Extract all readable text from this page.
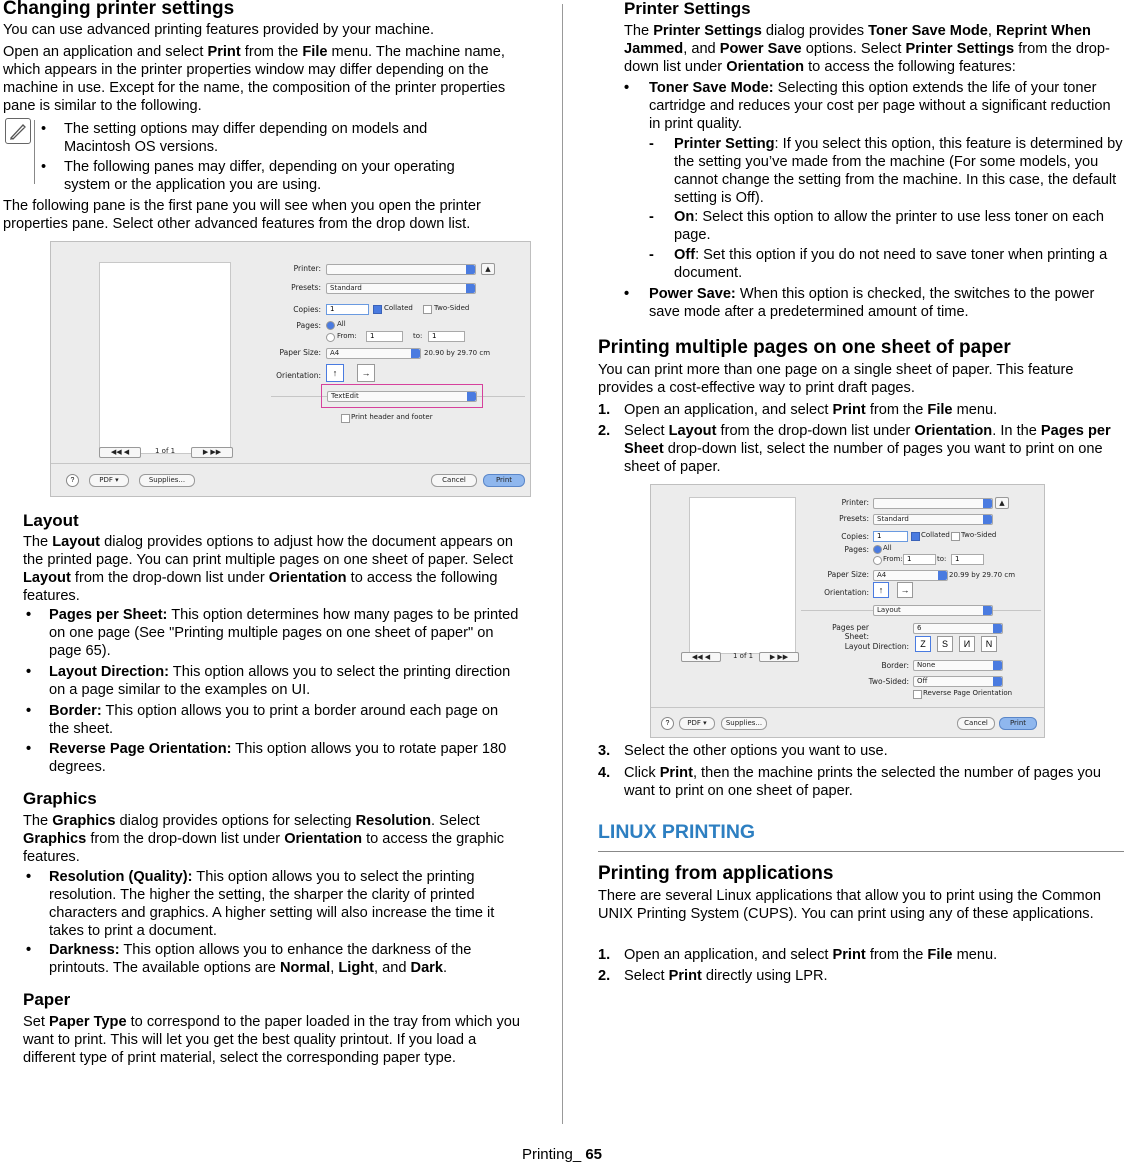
Changing printer settings

You can use advanced printing features provided by your machine.

Open an application and select Print from the File menu. The machine name, which appears in the printer properties window may differ depending on the machine in use. Except for the name, the composition of the printer properties pane is similar to the following.

• The setting options may differ depending on models and Macintosh OS versions.

• The following panes may differ, depending on your operating system or the application you are using.

The following pane is the first pane you will see when you open the printer properties pane. Select other advanced features from the drop down list.

Printer:	▲
Presets:	Standard
Copies:	1	Collated	Two-Sided
Pages: All
From:	1	to:	1
Paper Size:	A4	20.90 by 29.70 cm
Orientation:	↑	→
TextEdit
Print header and footer
◀◀ ◀	1 of 1	▶ ▶▶
?	PDF ▾	Supplies...	Cancel	Print
Layout

The Layout dialog provides options to adjust how the document appears on the printed page. You can print multiple pages on one sheet of paper. Select Layout from the drop-down list under Orientation to access the following features.

• Pages per Sheet: This option determines how many pages to be printed on one page (See "Printing multiple pages on one sheet of paper" on page 65).

• Layout Direction: This option allows you to select the printing direction on a page similar to the examples on UI.

• Border: This option allows you to print a border around each page on the sheet.

• Reverse Page Orientation: This option allows you to rotate paper 180 degrees.

Graphics

The Graphics dialog provides options for selecting Resolution. Select Graphics from the drop-down list under Orientation to access the graphic features.

• Resolution (Quality): This option allows you to select the printing resolution. The higher the setting, the sharper the clarity of printed characters and graphics. A higher setting will also increase the time it takes to print a document.

• Darkness: This option allows you to enhance the darkness of the printouts. The available options are Normal, Light, and Dark.

Paper

Set Paper Type to correspond to the paper loaded in the tray from which you want to print. This will let you get the best quality printout. If you load a different type of print material, select the corresponding paper type.

Printer Settings

The Printer Settings dialog provides Toner Save Mode, Reprint When Jammed, and Power Save options. Select Printer Settings from the drop-down list under Orientation to access the following features:

• Toner Save Mode: Selecting this option extends the life of your toner cartridge and reduces your cost per page without a significant reduction in print quality.

- Printer Setting: If you select this option, this feature is determined by the setting you’ve made from the machine (For some models, you cannot change the setting from the machine. In this case, the default setting is Off).

- On: Select this option to allow the printer to use less toner on each page.

- Off: Set this option if you do not need to save toner when printing a document.

• Power Save: When this option is checked, the switches to the power save mode after a predetermined amount of time.

Printing multiple pages on one sheet of paper

You can print more than one page on a single sheet of paper. This feature provides a cost-effective way to print draft pages.

1. Open an application, and select Print from the File menu.

2. Select Layout from the drop-down list under Orientation. In the Pages per Sheet drop-down list, select the number of pages you want to print on one sheet of paper.

Printer:	▲
Presets:	Standard
Copies:	1	Collated Two-Sided
Pages: All
From: 1	to:	1
Paper Size:	A4	20.99 by 29.70 cm
Orientation:	↑	→
Layout
Pages per Sheet:
6
Layout Direction:	Z	S	И	N
Border:	None
Two-Sided:	Off
Reverse Page Orientation
◀◀ ◀	1 of 1	▶ ▶▶
?	PDF ▾	Supplies...	Cancel	Print
3. Select the other options you want to use.

4. Click Print, then the machine prints the selected the number of pages you want to print on one sheet of paper.

LINUX PRINTING
Printing from applications

There are several Linux applications that allow you to print using the Common UNIX Printing System (CUPS). You can print using any of these applications.

1. Open an application, and select Print from the File menu.

2. Select Print directly using LPR.

Printing_ 65
